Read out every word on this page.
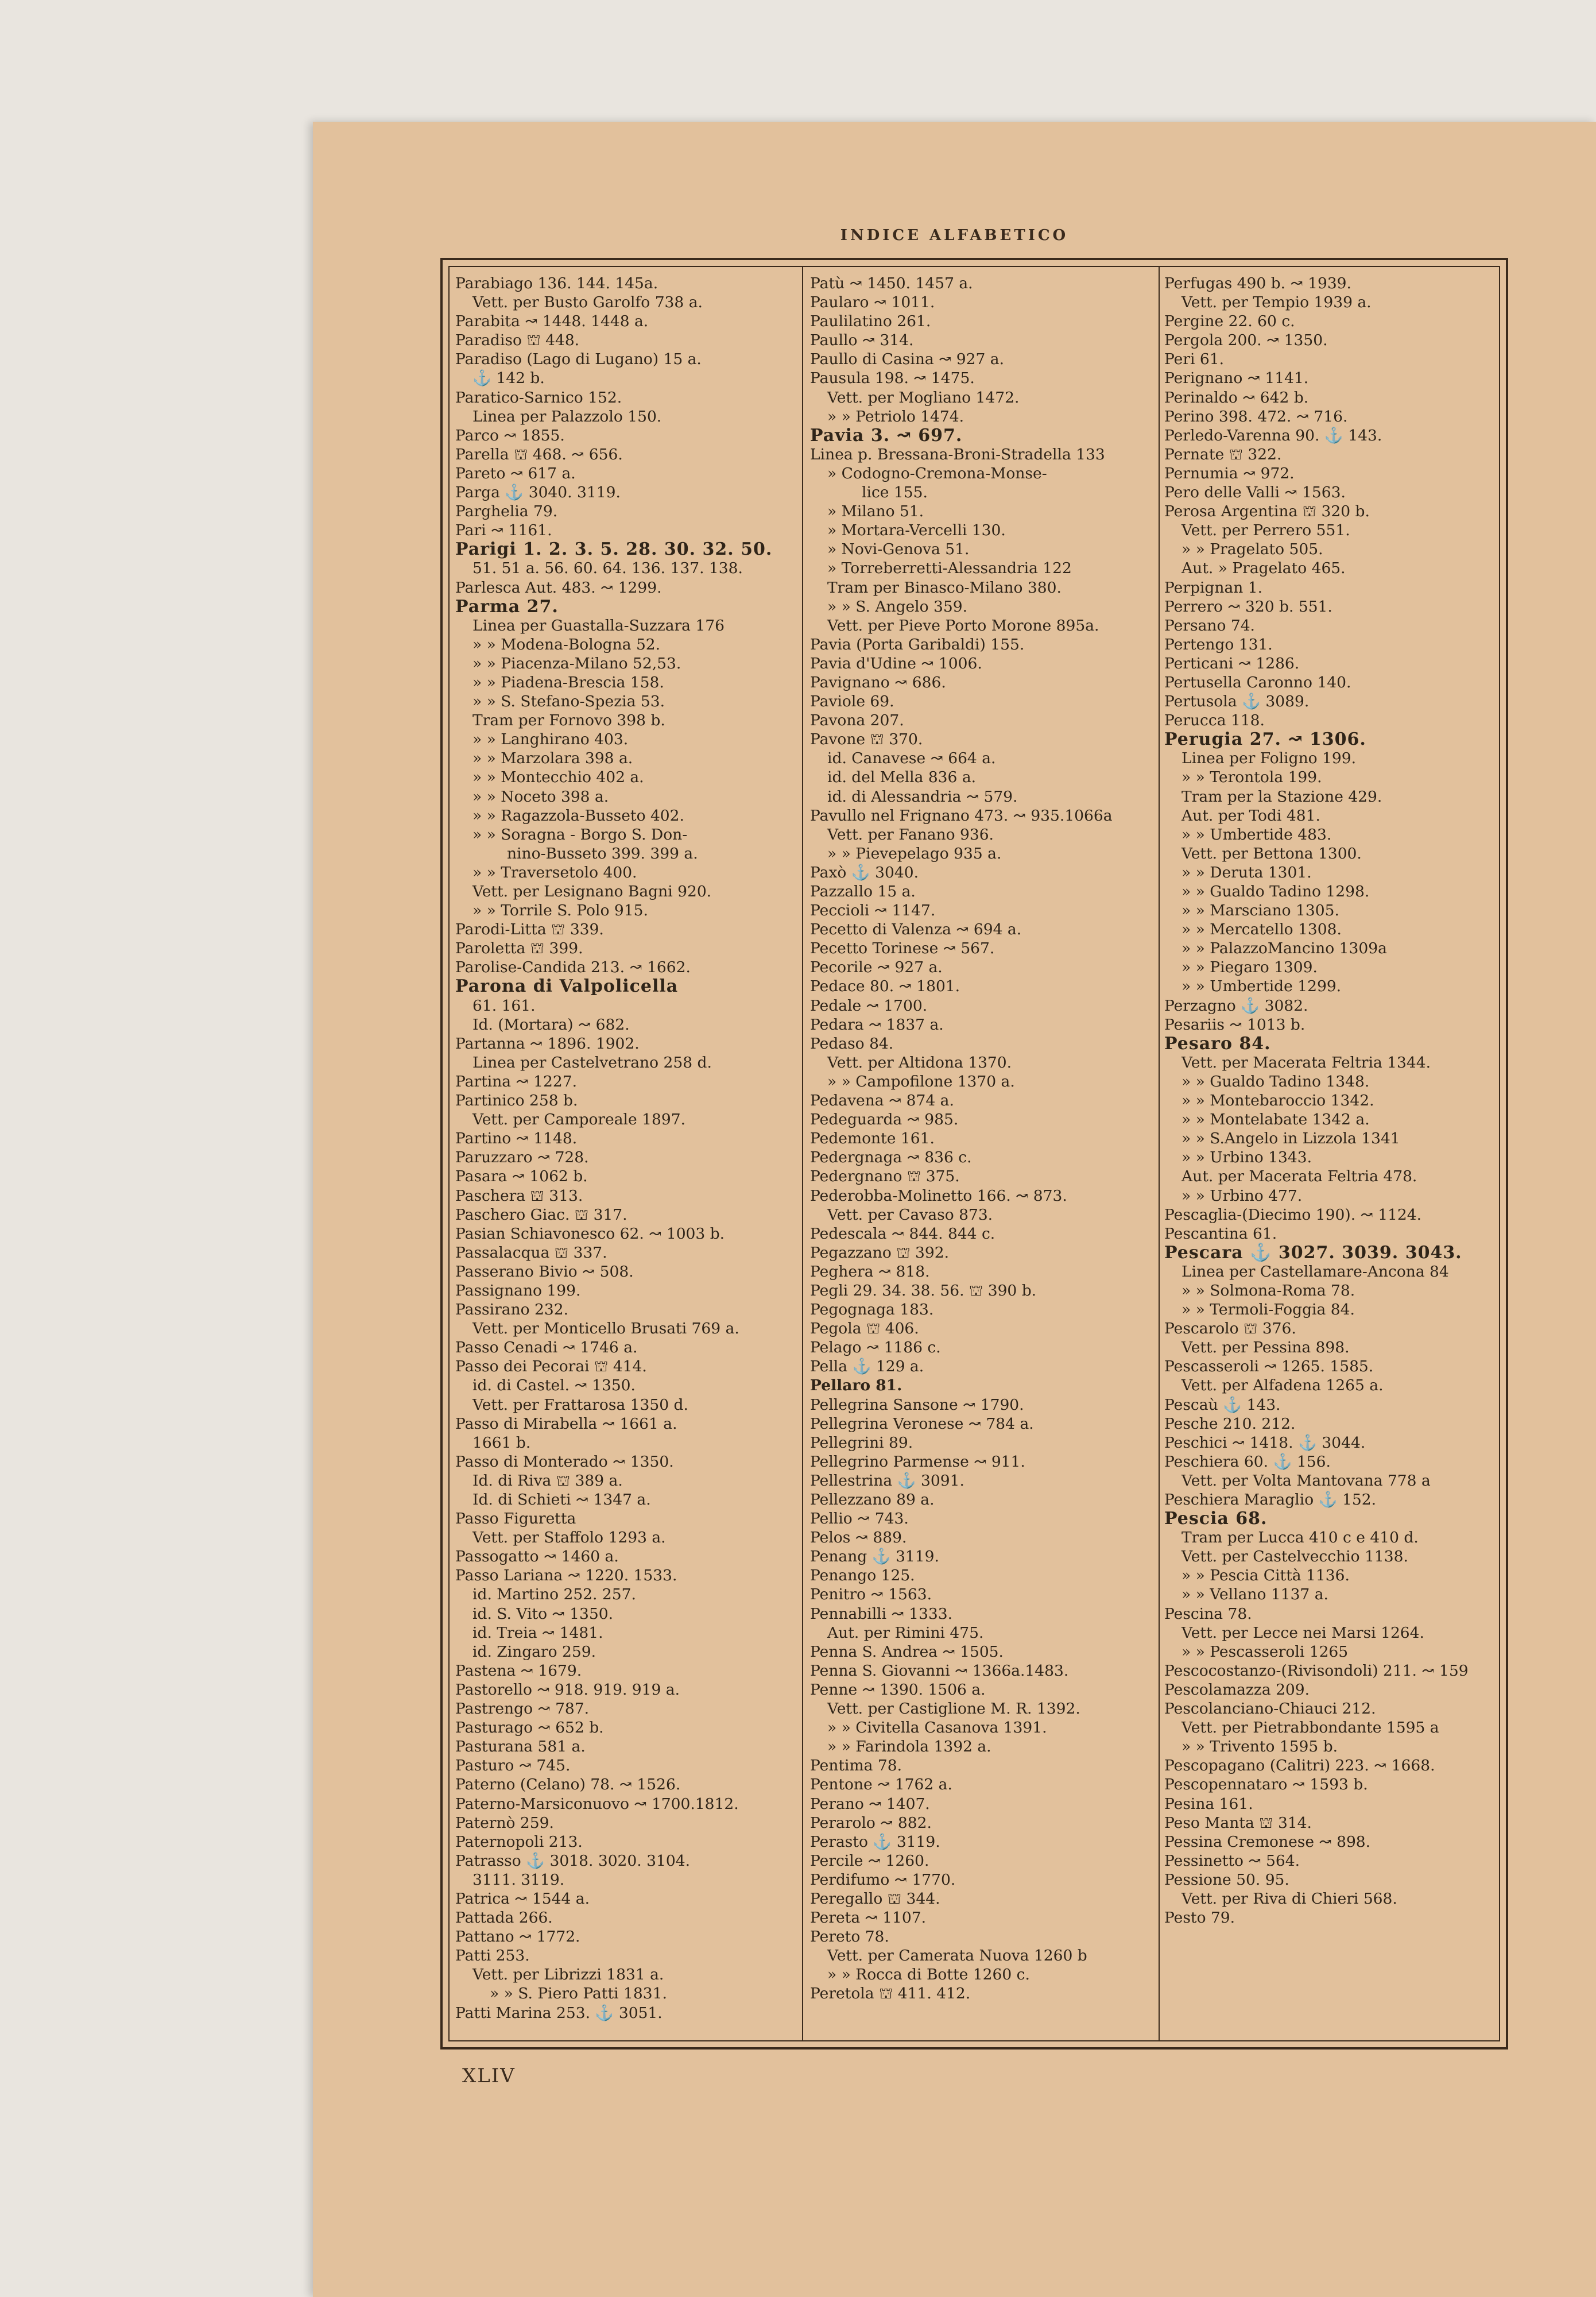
INDICE ALFABETICO
Parabiago 136. 144. 145a.
Vett. per Busto Garolfo 738 a.
Parabita ↝ 1448. 1448 a.
Paradiso ⛫ 448.
Paradiso (Lago di Lugano) 15 a.
⚓ 142 b.
Paratico-Sarnico 152.
Linea per Palazzolo 150.
Parco ↝ 1855.
Parella ⛫ 468. ↝ 656.
Pareto ↝ 617 a.
Parga ⚓ 3040. 3119.
Parghelia 79.
Pari ↝ 1161.
Parigi 1. 2. 3. 5. 28. 30. 32. 50.
51. 51 a. 56. 60. 64. 136. 137. 138.
Parlesca Aut. 483. ↝ 1299.
Parma 27.
Linea per Guastalla-Suzzara 176
» » Modena-Bologna 52.
» » Piacenza-Milano 52,53.
» » Piadena-Brescia 158.
» » S. Stefano-Spezia 53.
Tram per Fornovo 398 b.
» » Langhirano 403.
» » Marzolara 398 a.
» » Montecchio 402 a.
» » Noceto 398 a.
» » Ragazzola-Busseto 402.
» » Soragna - Borgo S. Don-
nino-Busseto 399. 399 a.
» » Traversetolo 400.
Vett. per Lesignano Bagni 920.
» » Torrile S. Polo 915.
Parodi-Litta ⛫ 339.
Paroletta ⛫ 399.
Parolise-Candida 213. ↝ 1662.
Parona di Valpolicella
61. 161.
Id. (Mortara) ↝ 682.
Partanna ↝ 1896. 1902.
Linea per Castelvetrano 258 d.
Partina ↝ 1227.
Partinico 258 b.
Vett. per Camporeale 1897.
Partino ↝ 1148.
Paruzzaro ↝ 728.
Pasara ↝ 1062 b.
Paschera ⛫ 313.
Paschero Giac. ⛫ 317.
Pasian Schiavonesco 62. ↝ 1003 b.
Passalacqua ⛫ 337.
Passerano Bivio ↝ 508.
Passignano 199.
Passirano 232.
Vett. per Monticello Brusati 769 a.
Passo Cenadi ↝ 1746 a.
Passo dei Pecorai ⛫ 414.
id. di Castel. ↝ 1350.
Vett. per Frattarosa 1350 d.
Passo di Mirabella ↝ 1661 a.
1661 b.
Passo di Monterado ↝ 1350.
Id. di Riva ⛫ 389 a.
Id. di Schieti ↝ 1347 a.
Passo Figuretta
Vett. per Staffolo 1293 a.
Passogatto ↝ 1460 a.
Passo Lariana ↝ 1220. 1533.
id. Martino 252. 257.
id. S. Vito ↝ 1350.
id. Treia ↝ 1481.
id. Zingaro 259.
Pastena ↝ 1679.
Pastorello ↝ 918. 919. 919 a.
Pastrengo ↝ 787.
Pasturago ↝ 652 b.
Pasturana 581 a.
Pasturo ↝ 745.
Paterno (Celano) 78. ↝ 1526.
Paterno-Marsiconuovo ↝ 1700.1812.
Paternò 259.
Paternopoli 213.
Patrasso ⚓ 3018. 3020. 3104.
3111. 3119.
Patrica ↝ 1544 a.
Pattada 266.
Pattano ↝ 1772.
Patti 253.
Vett. per Librizzi 1831 a.
» » S. Piero Patti 1831.
Patti Marina 253. ⚓ 3051.
Patù ↝ 1450. 1457 a.
Paularo ↝ 1011.
Paulilatino 261.
Paullo ↝ 314.
Paullo di Casina ↝ 927 a.
Pausula 198. ↝ 1475.
Vett. per Mogliano 1472.
» » Petriolo 1474.
Pavia 3. ↝ 697.
Linea p. Bressana-Broni-Stradella 133
» Codogno-Cremona-Monse-
lice 155.
» Milano 51.
» Mortara-Vercelli 130.
» Novi-Genova 51.
» Torreberretti-Alessandria 122
Tram per Binasco-Milano 380.
» » S. Angelo 359.
Vett. per Pieve Porto Morone 895a.
Pavia (Porta Garibaldi) 155.
Pavia d'Udine ↝ 1006.
Pavignano ↝ 686.
Paviole 69.
Pavona 207.
Pavone ⛫ 370.
id. Canavese ↝ 664 a.
id. del Mella 836 a.
id. di Alessandria ↝ 579.
Pavullo nel Frignano 473. ↝ 935.1066a
Vett. per Fanano 936.
» » Pievepelago 935 a.
Paxò ⚓ 3040.
Pazzallo 15 a.
Peccioli ↝ 1147.
Pecetto di Valenza ↝ 694 a.
Pecetto Torinese ↝ 567.
Pecorile ↝ 927 a.
Pedace 80. ↝ 1801.
Pedale ↝ 1700.
Pedara ↝ 1837 a.
Pedaso 84.
Vett. per Altidona 1370.
» » Campofilone 1370 a.
Pedavena ↝ 874 a.
Pedeguarda ↝ 985.
Pedemonte 161.
Pedergnaga ↝ 836 c.
Pedergnano ⛫ 375.
Pederobba-Molinetto 166. ↝ 873.
Vett. per Cavaso 873.
Pedescala ↝ 844. 844 c.
Pegazzano ⛫ 392.
Peghera ↝ 818.
Pegli 29. 34. 38. 56. ⛫ 390 b.
Pegognaga 183.
Pegola ⛫ 406.
Pelago ↝ 1186 c.
Pella ⚓ 129 a.
Pellaro 81.
Pellegrina Sansone ↝ 1790.
Pellegrina Veronese ↝ 784 a.
Pellegrini 89.
Pellegrino Parmense ↝ 911.
Pellestrina ⚓ 3091.
Pellezzano 89 a.
Pellio ↝ 743.
Pelos ↝ 889.
Penang ⚓ 3119.
Penango 125.
Penitro ↝ 1563.
Pennabilli ↝ 1333.
Aut. per Rimini 475.
Penna S. Andrea ↝ 1505.
Penna S. Giovanni ↝ 1366a.1483.
Penne ↝ 1390. 1506 a.
Vett. per Castiglione M. R. 1392.
» » Civitella Casanova 1391.
» » Farindola 1392 a.
Pentima 78.
Pentone ↝ 1762 a.
Perano ↝ 1407.
Perarolo ↝ 882.
Perasto ⚓ 3119.
Percile ↝ 1260.
Perdifumo ↝ 1770.
Peregallo ⛫ 344.
Pereta ↝ 1107.
Pereto 78.
Vett. per Camerata Nuova 1260 b
» » Rocca di Botte 1260 c.
Peretola ⛫ 411. 412.
Perfugas 490 b. ↝ 1939.
Vett. per Tempio 1939 a.
Pergine 22. 60 c.
Pergola 200. ↝ 1350.
Peri 61.
Perignano ↝ 1141.
Perinaldo ↝ 642 b.
Perino 398. 472. ↝ 716.
Perledo-Varenna 90. ⚓ 143.
Pernate ⛫ 322.
Pernumia ↝ 972.
Pero delle Valli ↝ 1563.
Perosa Argentina ⛫ 320 b.
Vett. per Perrero 551.
» » Pragelato 505.
Aut. » Pragelato 465.
Perpignan 1.
Perrero ↝ 320 b. 551.
Persano 74.
Pertengo 131.
Perticani ↝ 1286.
Pertusella Caronno 140.
Pertusola ⚓ 3089.
Perucca 118.
Perugia 27. ↝ 1306.
Linea per Foligno 199.
» » Terontola 199.
Tram per la Stazione 429.
Aut. per Todi 481.
» » Umbertide 483.
Vett. per Bettona 1300.
» » Deruta 1301.
» » Gualdo Tadino 1298.
» » Marsciano 1305.
» » Mercatello 1308.
» » PalazzoMancino 1309a
» » Piegaro 1309.
» » Umbertide 1299.
Perzagno ⚓ 3082.
Pesariis ↝ 1013 b.
Pesaro 84.
Vett. per Macerata Feltria 1344.
» » Gualdo Tadino 1348.
» » Montebaroccio 1342.
» » Montelabate 1342 a.
» » S.Angelo in Lizzola 1341
» » Urbino 1343.
Aut. per Macerata Feltria 478.
» » Urbino 477.
Pescaglia-(Diecimo 190). ↝ 1124.
Pescantina 61.
Pescara ⚓ 3027. 3039. 3043.
Linea per Castellamare-Ancona 84
» » Solmona-Roma 78.
» » Termoli-Foggia 84.
Pescarolo ⛫ 376.
Vett. per Pessina 898.
Pescasseroli ↝ 1265. 1585.
Vett. per Alfadena 1265 a.
Pescaù ⚓ 143.
Pesche 210. 212.
Peschici ↝ 1418. ⚓ 3044.
Peschiera 60. ⚓ 156.
Vett. per Volta Mantovana 778 a
Peschiera Maraglio ⚓ 152.
Pescia 68.
Tram per Lucca 410 c e 410 d.
Vett. per Castelvecchio 1138.
» » Pescia Città 1136.
» » Vellano 1137 a.
Pescina 78.
Vett. per Lecce nei Marsi 1264.
» » Pescasseroli 1265
Pescocostanzo-(Rivisondoli) 211. ↝ 159
Pescolamazza 209.
Pescolanciano-Chiauci 212.
Vett. per Pietrabbondante 1595 a
» » Trivento 1595 b.
Pescopagano (Calitri) 223. ↝ 1668.
Pescopennataro ↝ 1593 b.
Pesina 161.
Peso Manta ⛫ 314.
Pessina Cremonese ↝ 898.
Pessinetto ↝ 564.
Pessione 50. 95.
Vett. per Riva di Chieri 568.
Pesto 79.
XLIV
